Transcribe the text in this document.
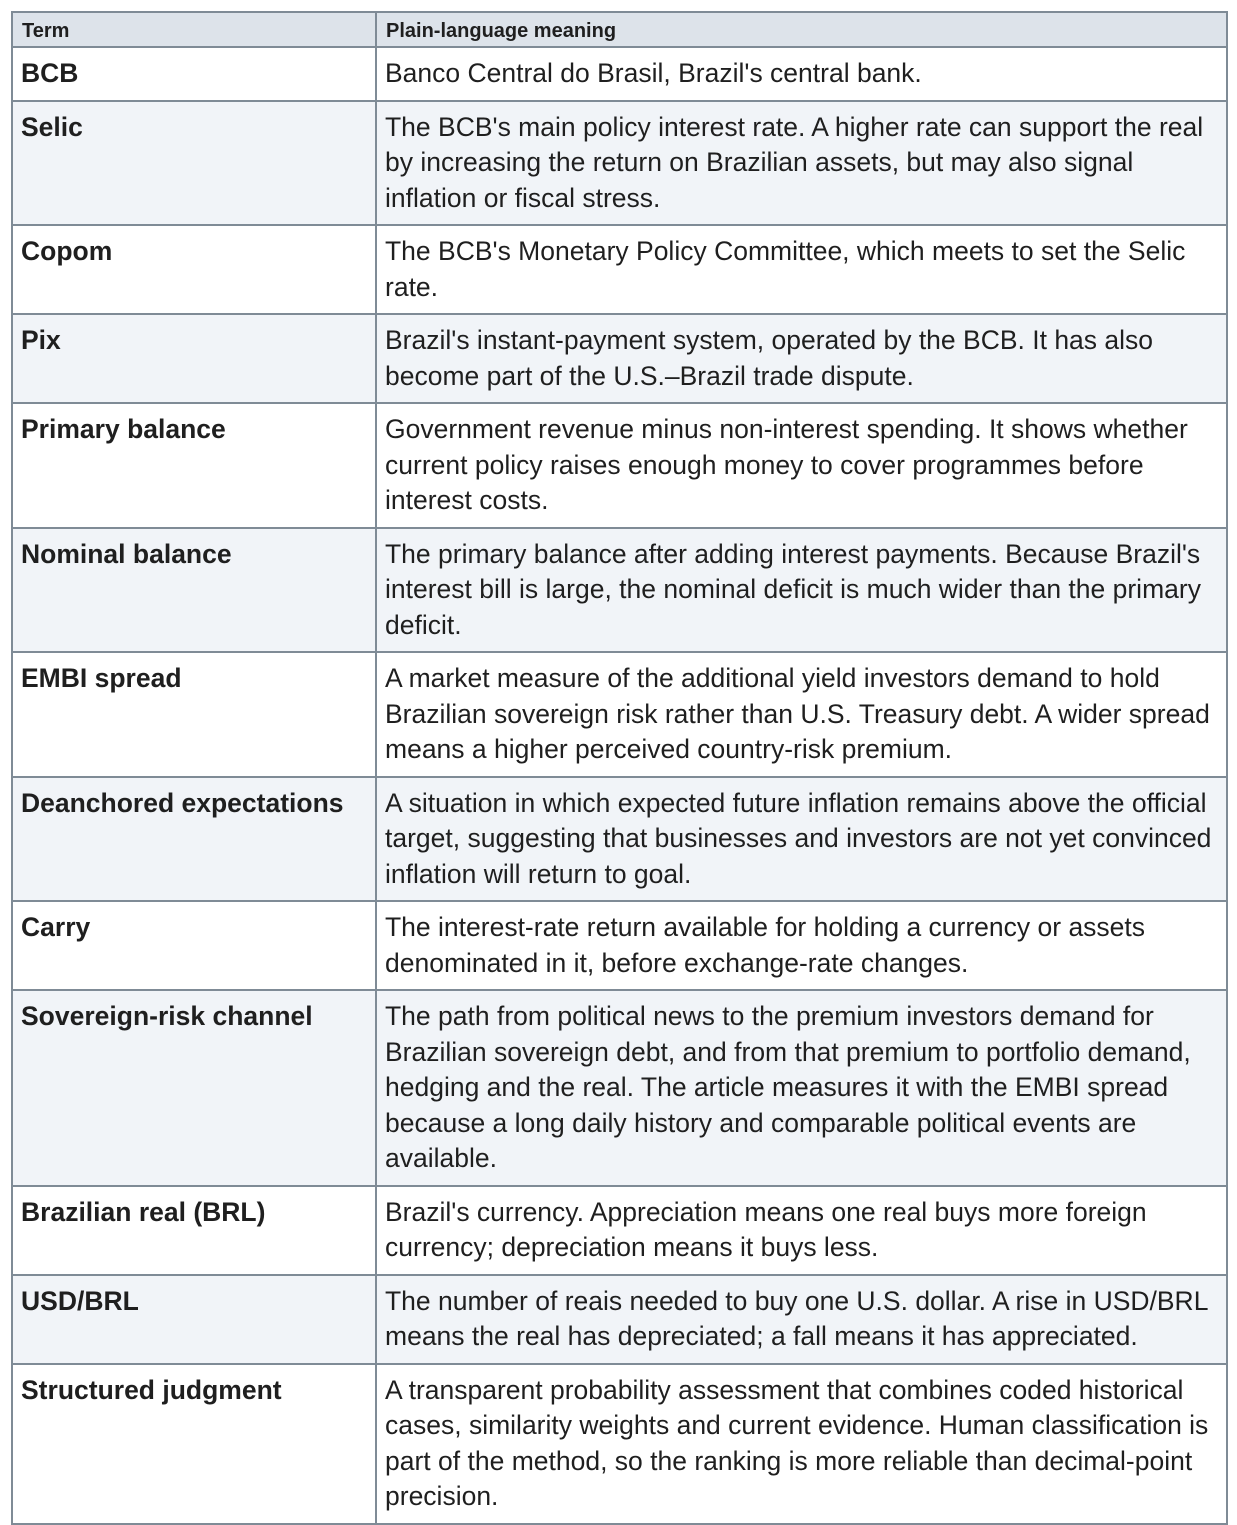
Term	Plain-language meaning
BCB	Banco Central do Brasil, Brazil's central bank.
Selic	The BCB's main policy interest rate. A higher rate can support the real by increasing the return on Brazilian assets, but may also signal inflation or fiscal stress.
Copom	The BCB's Monetary Policy Committee, which meets to set the Selic rate.
Pix	Brazil's instant-payment system, operated by the BCB. It has also become part of the U.S.–Brazil trade dispute.
Primary balance	Government revenue minus non-interest spending. It shows whether current policy raises enough money to cover programmes before interest costs.
Nominal balance	The primary balance after adding interest payments. Because Brazil's interest bill is large, the nominal deficit is much wider than the primary deficit.
EMBI spread	A market measure of the additional yield investors demand to hold Brazilian sovereign risk rather than U.S. Treasury debt. A wider spread means a higher perceived country-risk premium.
Deanchored expectations	A situation in which expected future inflation remains above the official target, suggesting that businesses and investors are not yet convinced inflation will return to goal.
Carry	The interest-rate return available for holding a currency or assets denominated in it, before exchange-rate changes.
Sovereign-risk channel	The path from political news to the premium investors demand for Brazilian sovereign debt, and from that premium to portfolio demand, hedging and the real. The article measures it with the EMBI spread because a long daily history and comparable political events are available.
Brazilian real (BRL)	Brazil's currency. Appreciation means one real buys more foreign currency; depreciation means it buys less.
USD/BRL	The number of reais needed to buy one U.S. dollar. A rise in USD/BRL means the real has depreciated; a fall means it has appreciated.
Structured judgment	A transparent probability assessment that combines coded historical cases, similarity weights and current evidence. Human classification is part of the method, so the ranking is more reliable than decimal-point precision.
